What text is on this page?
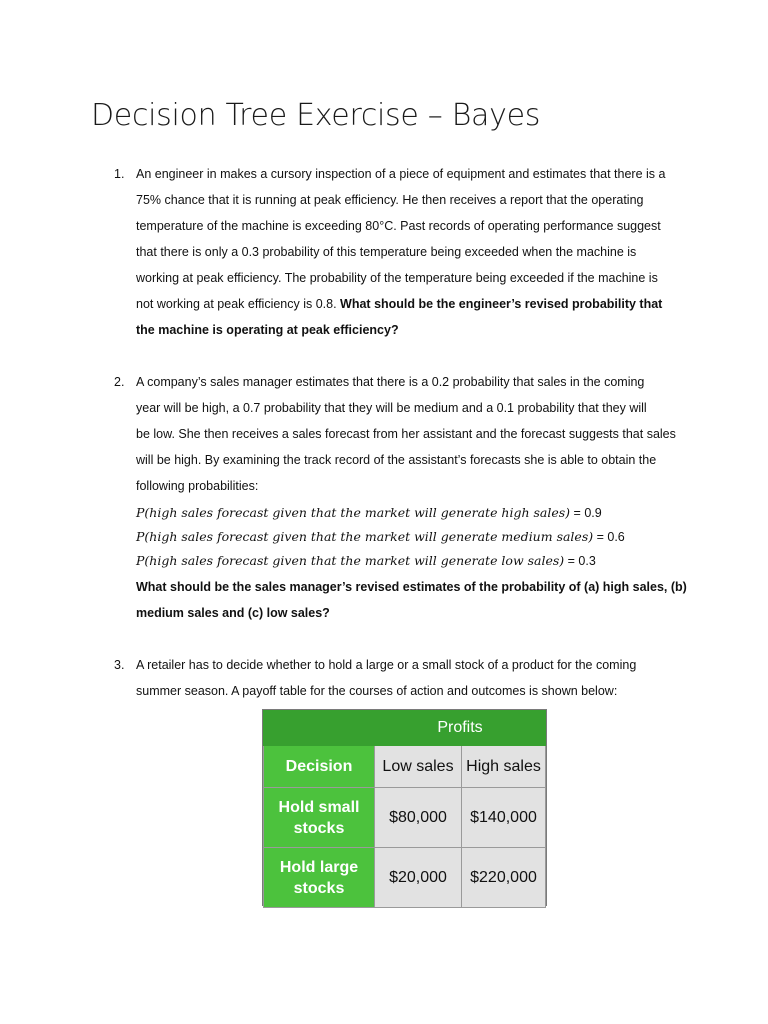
Decision Tree Exercise – Bayes
1. An engineer in makes a cursory inspection of a piece of equipment and estimates that there is a
75% chance that it is running at peak efficiency. He then receives a report that the operating
temperature of the machine is exceeding 80°C. Past records of operating performance suggest
that there is only a 0.3 probability of this temperature being exceeded when the machine is
working at peak efficiency. The probability of the temperature being exceeded if the machine is
not working at peak efficiency is 0.8. What should be the engineer’s revised probability that
the machine is operating at peak efficiency?
2. A company’s sales manager estimates that there is a 0.2 probability that sales in the coming
year will be high, a 0.7 probability that they will be medium and a 0.1 probability that they will
be low. She then receives a sales forecast from her assistant and the forecast suggests that sales
will be high. By examining the track record of the assistant’s forecasts she is able to obtain the
following probabilities:
P(high sales forecast given that the market will generate high sales) = 0.9
P(high sales forecast given that the market will generate medium sales) = 0.6
P(high sales forecast given that the market will generate low sales) = 0.3
What should be the sales manager’s revised estimates of the probability of (a) high sales, (b)
medium sales and (c) low sales?
3. A retailer has to decide whether to hold a large or a small stock of a product for the coming
summer season. A payoff table for the courses of action and outcomes is shown below:
	Profits	
Decision	Low sales	High sales

Hold small
stocks	$80,000	$140,000

Hold large
stocks	$20,000	$220,000
